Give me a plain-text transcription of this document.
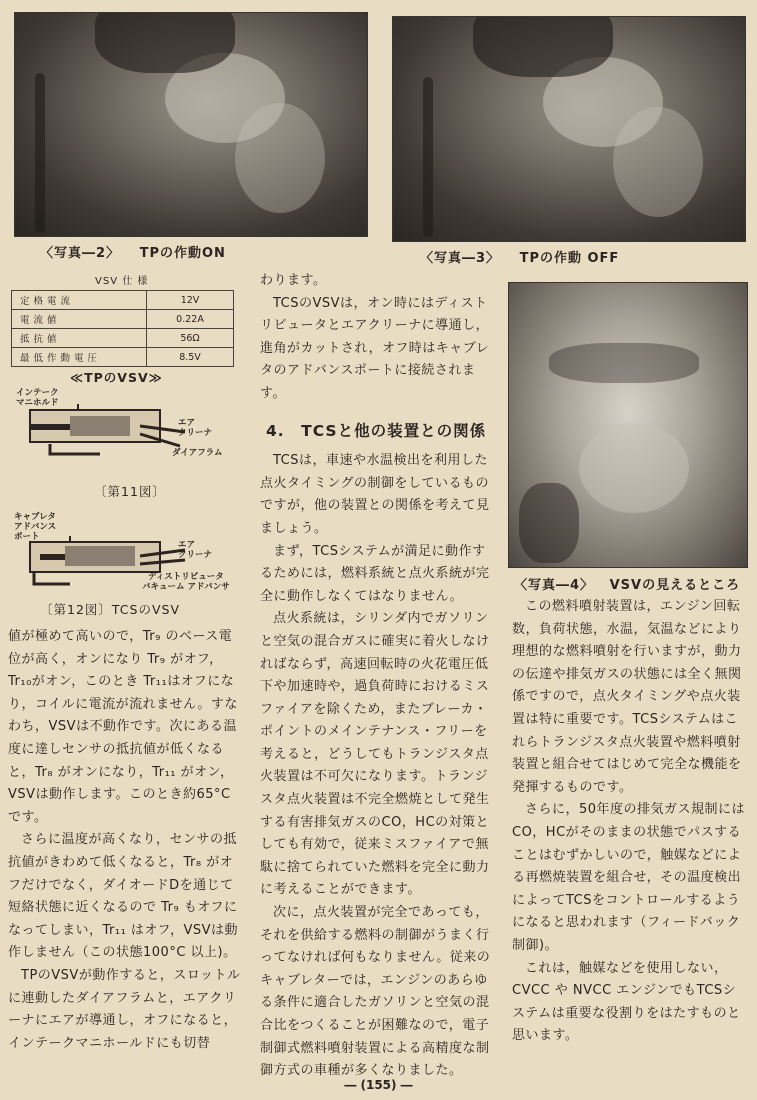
〈写真―2〉 TPの作動ON	〈写真―3〉 TPの作動 OFF
VSV 仕 様
定格電流	12V
電流値	0.22A
抵抗値	56Ω
最低作動電圧	8.5V
≪TPのVSV≫
インテーク
マニホルド
エア
クリーナ
ダイアフラム
〔第11図〕
キャブレタ
アドバンス
ポート
エア
クリーナ
ディストリビュータ
バキューム アドバンサ
〔第12図〕TCSのVSV

値が極めて高いので，Tr₉ のベース電位が高く，オンになり Tr₉ がオフ，Tr₁₀がオン，このとき Tr₁₁はオフになり，コイルに電流が流れません。すなわち，VSVは不動作です。次にある温度に達しセンサの抵抗値が低くなると，Tr₈ がオンになり，Tr₁₁ がオン，VSVは動作します。このとき約65°C です。

さらに温度が高くなり，センサの抵抗値がきわめて低くなると，Tr₈ がオフだけでなく，ダイオードDを通じて短絡状態に近くなるので Tr₉ もオフになってしまい，Tr₁₁ はオフ，VSVは動作しません（この状態100°C 以上)。

TPのVSVが動作すると，スロットルに連動したダイアフラムと，エアクリーナにエアが導通し，オフになると，インテークマニホールドにも切替

わります。

TCSのVSVは，オン時にはディストリビュータとエアクリーナに導通し，進角がカットされ，オフ時はキャブレタのアドバンスポートに接続されます。

4.　TCSと他の装置との関係

TCSは，車速や水温検出を利用した点火タイミングの制御をしているものですが，他の装置との関係を考えて見ましょう。

まず，TCSシステムが満足に動作するためには，燃料系統と点火系統が完全に動作しなくてはなりません。

点火系統は，シリンダ内でガソリンと空気の混合ガスに確実に着火しなければならず，高速回転時の火花電圧低下や加速時や，過負荷時におけるミスファイアを除くため，またブレーカ・ポイントのメインテナンス・フリーを考えると，どうしてもトランジスタ点火装置は不可欠になります。トランジスタ点火装置は不完全燃焼として発生する有害排気ガスのCO，HCの対策としても有効で，従来ミスファイアで無駄に捨てられていた燃料を完全に動力に考えることができます。

次に，点火装置が完全であっても，それを供給する燃料の制御がうまく行ってなければ何もなりません。従来のキャブレターでは，エンジンのあらゆる条件に適合したガソリンと空気の混合比をつくることが困難なので，電子制御式燃料噴射装置による高精度な制御方式の車種が多くなりました。

〈写真―4〉 VSVの見えるところ

この燃料噴射装置は，エンジン回転数，負荷状態，水温，気温などにより理想的な燃料噴射を行いますが，動力の伝達や排気ガスの状態には全く無関係ですので，点火タイミングや点火装置は特に重要です。TCSシステムはこれらトランジスタ点火装置や燃料噴射装置と組合せてはじめて完全な機能を発揮するものです。

さらに，50年度の排気ガス規制にはCO，HCがそのままの状態でパスすることはむずかしいので，触媒などによる再燃焼装置を組合せ，その温度検出によってTCSをコントロールするようになると思われます（フィードバック制御)。

これは，触媒などを使用しない，CVCC や NVCC エンジンでもTCSシステムは重要な役割りをはたすものと思います。

― (155) ―
